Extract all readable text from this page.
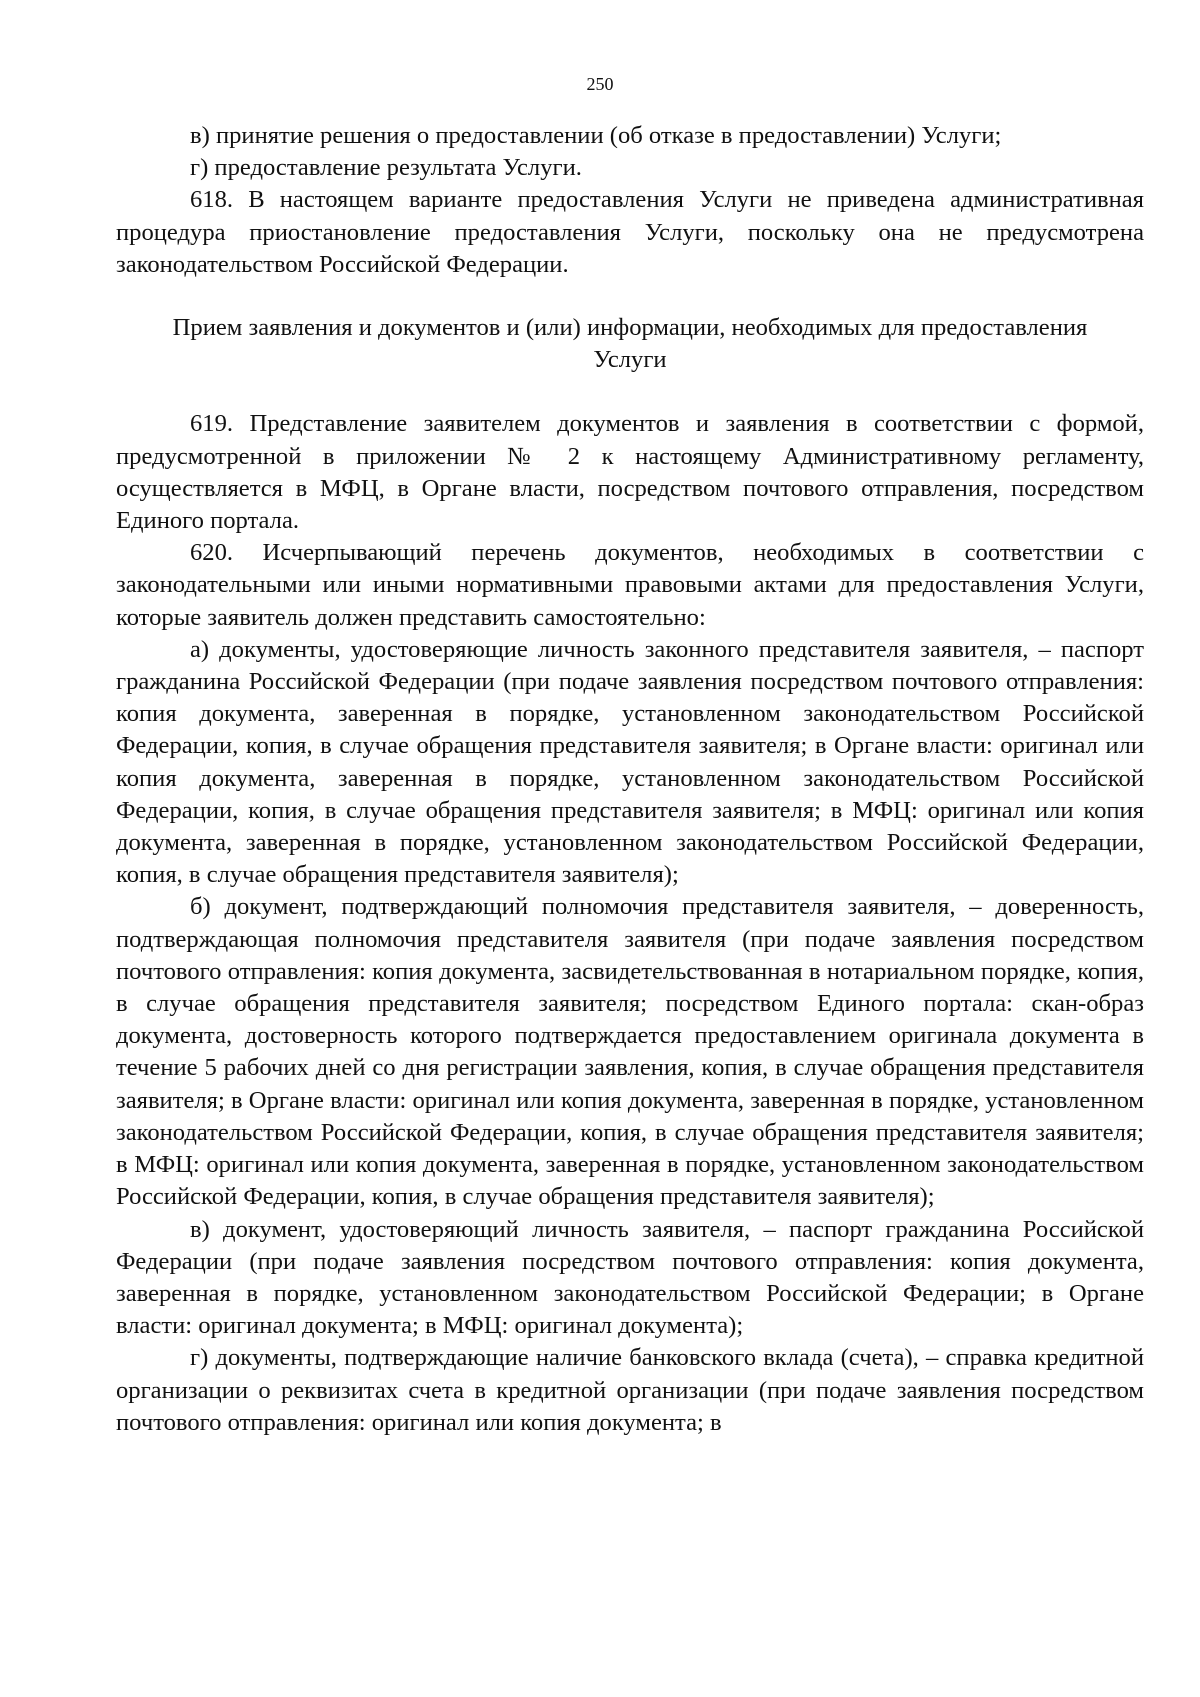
250

в) принятие решения о предоставлении (об отказе в предоставлении) Услуги;

г) предоставление результата Услуги.

618. В настоящем варианте предоставления Услуги не приведена административная процедура приостановление предоставления Услуги, поскольку она не предусмотрена законодательством Российской Федерации.

Прием заявления и документов и (или) информации, необходимых для предоставления Услуги

619. Представление заявителем документов и заявления в соответствии с формой, предусмотренной в приложении № 2 к настоящему Административному регламенту, осуществляется в МФЦ, в Органе власти, посредством почтового отправления, посредством Единого портала.

620. Исчерпывающий перечень документов, необходимых в соответствии с законодательными или иными нормативными правовыми актами для предоставления Услуги, которые заявитель должен представить самостоятельно:

а) документы, удостоверяющие личность законного представителя заявителя, – паспорт гражданина Российской Федерации (при подаче заявления посредством почтового отправления: копия документа, заверенная в порядке, установленном законодательством Российской Федерации, копия, в случае обращения представителя заявителя; в Органе власти: оригинал или копия документа, заверенная в порядке, установленном законодательством Российской Федерации, копия, в случае обращения представителя заявителя; в МФЦ: оригинал или копия документа, заверенная в порядке, установленном законодательством Российской Федерации, копия, в случае обращения представителя заявителя);

б) документ, подтверждающий полномочия представителя заявителя, – доверенность, подтверждающая полномочия представителя заявителя (при подаче заявления посредством почтового отправления: копия документа, засвидетельствованная в нотариальном порядке, копия, в случае обращения представителя заявителя; посредством Единого портала: скан-образ документа, достоверность которого подтверждается предоставлением оригинала документа в течение 5 рабочих дней со дня регистрации заявления, копия, в случае обращения представителя заявителя; в Органе власти: оригинал или копия документа, заверенная в порядке, установленном законодательством Российской Федерации, копия, в случае обращения представителя заявителя; в МФЦ: оригинал или копия документа, заверенная в порядке, установленном законодательством Российской Федерации, копия, в случае обращения представителя заявителя);

в) документ, удостоверяющий личность заявителя, – паспорт гражданина Российской Федерации (при подаче заявления посредством почтового отправления: копия документа, заверенная в порядке, установленном законодательством Российской Федерации; в Органе власти: оригинал документа; в МФЦ: оригинал документа);

г) документы, подтверждающие наличие банковского вклада (счета), – справка кредитной организации о реквизитах счета в кредитной организации (при подаче заявления посредством почтового отправления: оригинал или копия документа; в
